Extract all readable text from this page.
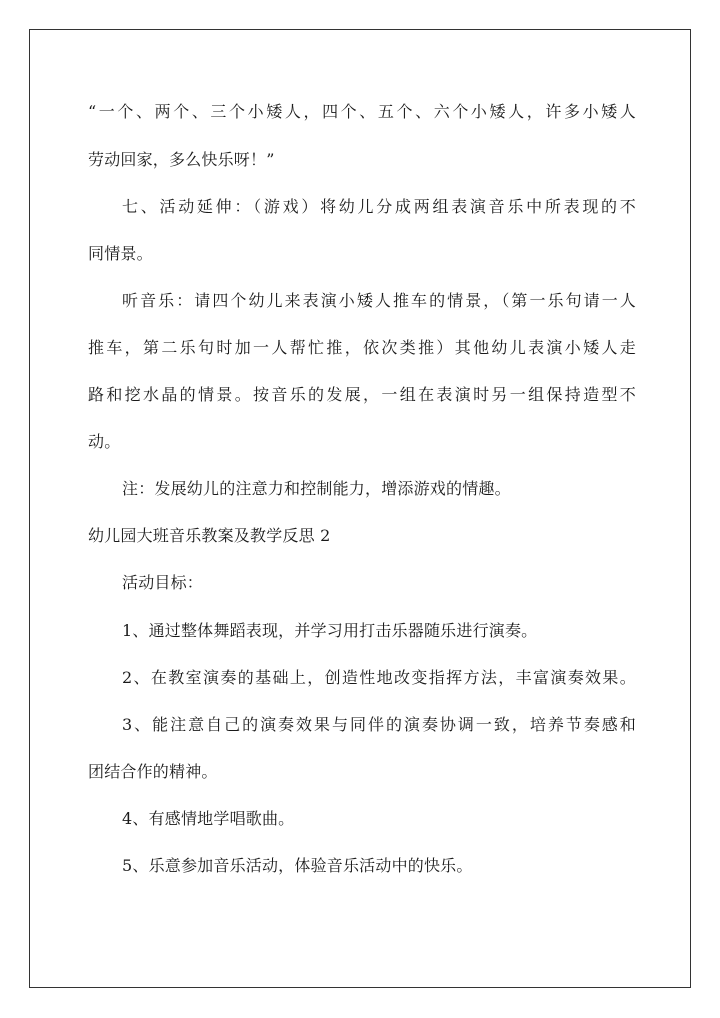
“一个、两个、三个小矮人，四个、五个、六个小矮人，许多小矮人
劳动回家，多么快乐呀！”
七、活动延伸：（游戏）将幼儿分成两组表演音乐中所表现的不
同情景。
听音乐：请四个幼儿来表演小矮人推车的情景，（第一乐句请一人
推车，第二乐句时加一人帮忙推，依次类推）其他幼儿表演小矮人走
路和挖水晶的情景。按音乐的发展，一组在表演时另一组保持造型不
动。
注：发展幼儿的注意力和控制能力，增添游戏的情趣。
幼儿园大班音乐教案及教学反思 2
活动目标：
1、通过整体舞蹈表现，并学习用打击乐器随乐进行演奏。
2、在教室演奏的基础上，创造性地改变指挥方法，丰富演奏效果。
3、能注意自己的演奏效果与同伴的演奏协调一致，培养节奏感和
团结合作的精神。
4、有感情地学唱歌曲。
5、乐意参加音乐活动，体验音乐活动中的快乐。
